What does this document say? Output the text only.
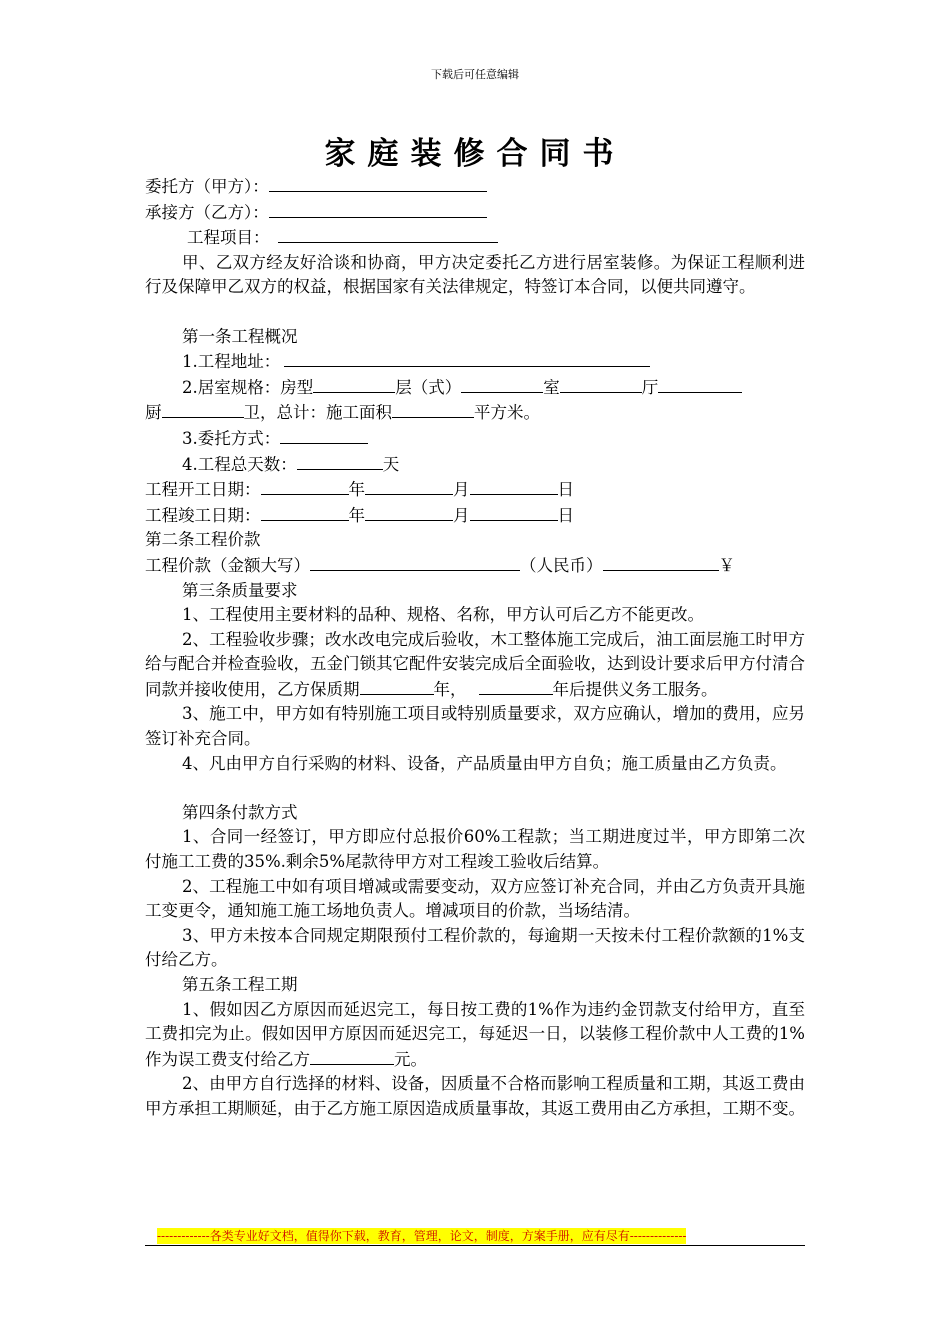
下载后可任意编辑
家庭装修合同书
委托方（甲方）：
承接方（乙方）：
工程项目：
甲、乙双方经友好洽谈和协商，甲方决定委托乙方进行居室装修。为保证工程顺利进行及保障甲乙双方的权益，根据国家有关法律规定，特签订本合同，以便共同遵守。
第一条工程概况
1.工程地址：
2.居室规格：房型	层（式）	室	厅
厨	卫，总计：施工面积	平方米。
3.委托方式：
4.工程总天数：	天
工程开工日期：	年	月	日
工程竣工日期：	年	月	日
第二条工程价款
工程价款（金额大写）	（人民币）	￥
第三条质量要求
1、工程使用主要材料的品种、规格、名称，甲方认可后乙方不能更改。
2、工程验收步骤；改水改电完成后验收，木工整体施工完成后，油工面层施工时甲方给与配合并检查验收，五金门锁其它配件安装完成后全面验收，达到设计要求后甲方付清合同款并接收使用，乙方保质期	年，	年后提供义务工服务。
3、施工中，甲方如有特别施工项目或特别质量要求，双方应确认，增加的费用，应另签订补充合同。
4、凡由甲方自行采购的材料、设备，产品质量由甲方自负；施工质量由乙方负责。
第四条付款方式
1、合同一经签订，甲方即应付总报价60%工程款；当工期进度过半，甲方即第二次付施工工费的35%.剩余5%尾款待甲方对工程竣工验收后结算。
2、工程施工中如有项目增减或需要变动，双方应签订补充合同，并由乙方负责开具施工变更令，通知施工施工场地负责人。增减项目的价款，当场结清。
3、甲方未按本合同规定期限预付工程价款的，每逾期一天按未付工程价款额的1%支付给乙方。
第五条工程工期
1、假如因乙方原因而延迟完工，每日按工费的1%作为违约金罚款支付给甲方，直至工费扣完为止。假如因甲方原因而延迟完工，每延迟一日，以装修工程价款中人工费的1%作为误工费支付给乙方	元。
2、由甲方自行选择的材料、设备，因质量不合格而影响工程质量和工期，其返工费由甲方承担工期顺延，由于乙方施工原因造成质量事故，其返工费用由乙方承担，工期不变。
-------------各类专业好文档，值得你下载，教育，管理，论文，制度，方案手册，应有尽有--------------
